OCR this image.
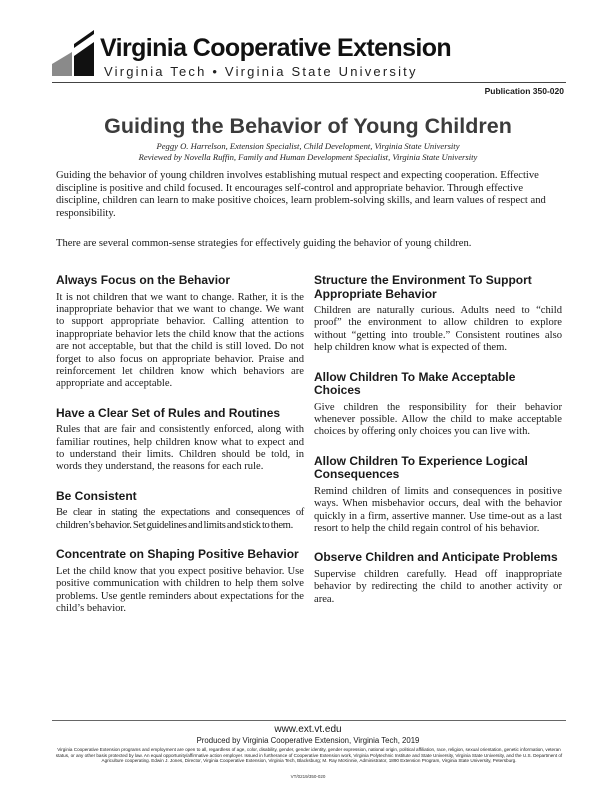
Virginia Cooperative Extension
Virginia Tech • Virginia State University
Publication 350-020
Guiding the Behavior of Young Children
Peggy O. Harrelson, Extension Specialist, Child Development, Virginia State University
Reviewed by Novella Ruffin, Family and Human Development Specialist, Virginia State University

Guiding the behavior of young children involves establishing mutual respect and expecting cooperation. Effective discipline is positive and child focused. It encourages self-control and appropriate behavior. Through effective discipline, children can learn to make positive choices, learn problem-solving skills, and learn values of respect and responsibility.

There are several common-sense strategies for effectively guiding the behavior of young children.

Always Focus on the Behavior

It is not children that we want to change. Rather, it is the inappropriate behavior that we want to change. We want to support appropriate behavior. Calling attention to inappropriate behavior lets the child know that the actions are not acceptable, but that the child is still loved. Do not forget to also focus on appropriate behavior. Praise and reinforcement let children know which behaviors are appropriate and acceptable.

Have a Clear Set of Rules and Routines

Rules that are fair and consistently enforced, along with familiar routines, help children know what to expect and to understand their limits. Children should be told, in words they understand, the reasons for each rule.

Be Consistent

Be clear in stating the expectations and consequences of children’s behavior. Set guidelines and limits and stick to them.

Concentrate on Shaping Positive Behavior

Let the child know that you expect positive behavior. Use positive communication with children to help them solve problems. Use gentle reminders about expectations for the child’s behavior.

Structure the Environment To Support Appropriate Behavior

Children are naturally curious. Adults need to “child proof” the environment to allow children to explore without “getting into trouble.” Consistent routines also help children know what is expected of them.

Allow Children To Make Acceptable Choices

Give children the responsibility for their behavior whenever possible. Allow the child to make acceptable choices by offering only choices you can live with.

Allow Children To Experience Logical Consequences

Remind children of limits and consequences in positive ways. When misbehavior occurs, deal with the behavior quickly in a firm, assertive manner. Use time-out as a last resort to help the child regain control of his behavior.

Observe Children and Anticipate Problems

Supervise children carefully. Head off inappropriate behavior by redirecting the child to another activity or area.

www.ext.vt.edu
Produced by Virginia Cooperative Extension, Virginia Tech, 2019
Virginia Cooperative Extension programs and employment are open to all, regardless of age, color, disability, gender, gender identity, gender expression, national origin, political affiliation, race, religion, sexual orientation, genetic information, veteran status, or any other basis protected by law. An equal opportunity/affirmative action employer. Issued in furtherance of Cooperative Extension work, Virginia Polytechnic Institute and State University, Virginia State University, and the U.S. Department of Agriculture cooperating. Edwin J. Jones, Director, Virginia Cooperative Extension, Virginia Tech, Blacksburg; M. Ray McKinnie, Administrator, 1890 Extension Program, Virginia State University, Petersburg.
VT/0219/350-020
